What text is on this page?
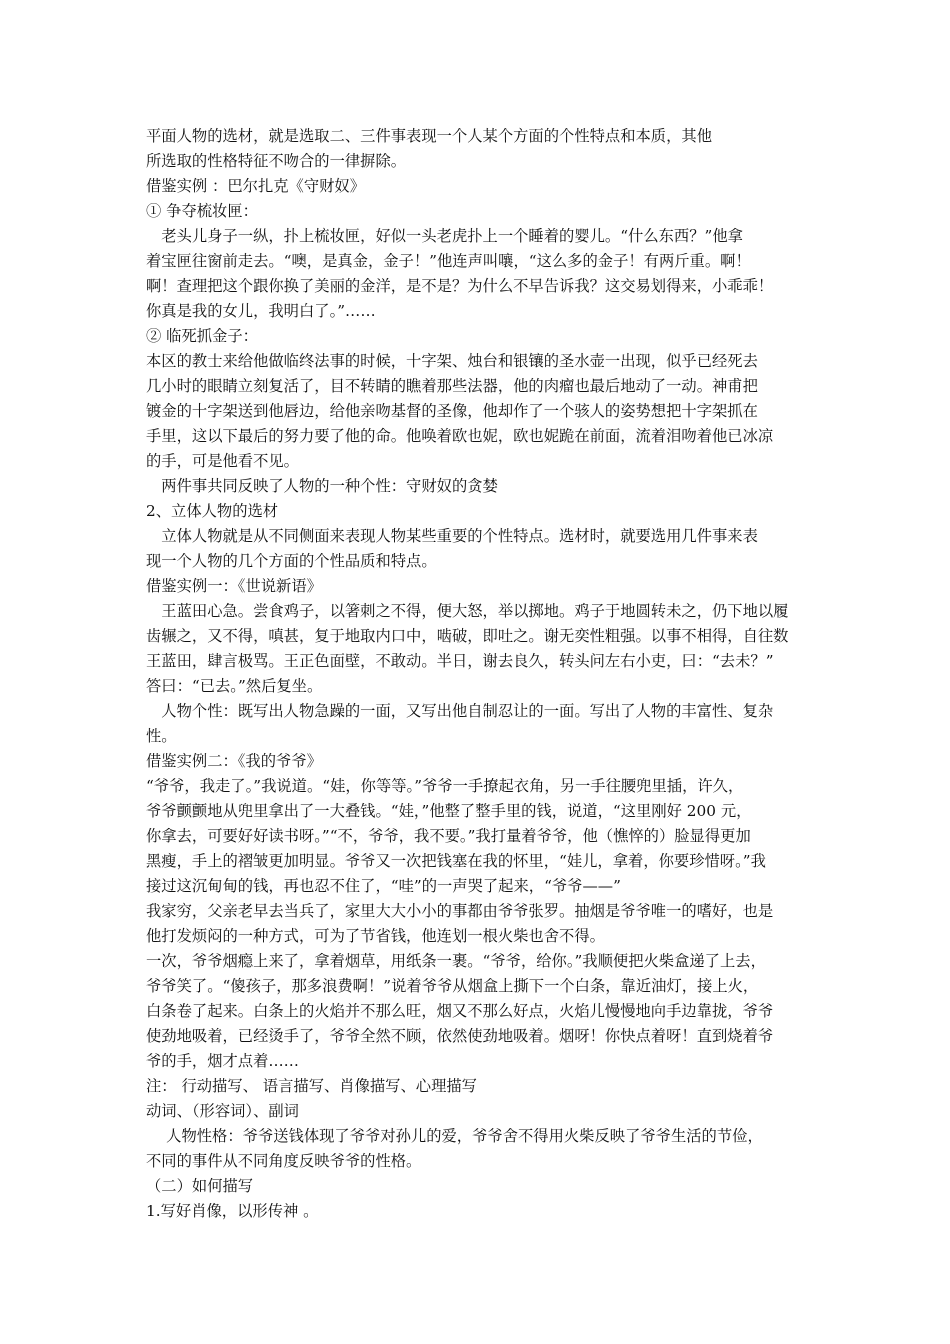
平面人物的选材，就是选取二、三件事表现一个人某个方面的个性特点和本质，其他
所选取的性格特征不吻合的一律摒除。
借鉴实例 ：巴尔扎克《守财奴》
① 争夺梳妆匣：
　老头儿身子一纵，扑上梳妆匣，好似一头老虎扑上一个睡着的婴儿。“什么东西？”他拿
着宝匣往窗前走去。“噢，是真金，金子！”他连声叫嚷，“这么多的金子！有两斤重。啊！
啊！查理把这个跟你换了美丽的金洋，是不是？为什么不早告诉我？这交易划得来，小乖乖！
你真是我的女儿，我明白了。”……
② 临死抓金子：
本区的教士来给他做临终法事的时候，十字架、烛台和银镶的圣水壶一出现，似乎已经死去
几小时的眼睛立刻复活了，目不转睛的瞧着那些法器，他的肉瘤也最后地动了一动。神甫把
镀金的十字架送到他唇边，给他亲吻基督的圣像，他却作了一个骇人的姿势想把十字架抓在
手里，这以下最后的努力要了他的命。他唤着欧也妮，欧也妮跪在前面，流着泪吻着他已冰凉
的手，可是他看不见。
　两件事共同反映了人物的一种个性：守财奴的贪婪
2、立体人物的选材
　立体人物就是从不同侧面来表现人物某些重要的个性特点。选材时，就要选用几件事来表
现一个人物的几个方面的个性品质和特点。
借鉴实例一：《世说新语》
　王蓝田心急。尝食鸡子，以箸刺之不得，便大怒，举以掷地。鸡子于地圆转未之，仍下地以履
齿辗之，又不得，嗔甚，复于地取内口中，啮破，即吐之。谢无奕性粗强。以事不相得，自往数
王蓝田，肆言极骂。王正色面壁，不敢动。半日，谢去良久，转头问左右小吏，曰：“去未？”
答曰：“已去。”然后复坐。
　人物个性：既写出人物急躁的一面，又写出他自制忍让的一面。写出了人物的丰富性、复杂
性。
借鉴实例二：《我的爷爷》
“爷爷，我走了。”我说道。“娃，你等等。”爷爷一手撩起衣角，另一手往腰兜里插，许久，
爷爷颤颤地从兜里拿出了一大叠钱。“娃，”他整了整手里的钱，说道，“这里刚好 200 元，
你拿去，可要好好读书呀。”“不，爷爷，我不要。”我打量着爷爷，他（憔悴的）脸显得更加
黑瘦，手上的褶皱更加明显。爷爷又一次把钱塞在我的怀里，“娃儿，拿着，你要珍惜呀。”我
接过这沉甸甸的钱，再也忍不住了，“哇”的一声哭了起来，“爷爷——”
我家穷，父亲老早去当兵了，家里大大小小的事都由爷爷张罗。抽烟是爷爷唯一的嗜好，也是
他打发烦闷的一种方式，可为了节省钱，他连划一根火柴也舍不得。
一次，爷爷烟瘾上来了，拿着烟草，用纸条一裹。“爷爷，给你。”我顺便把火柴盒递了上去，
爷爷笑了。“傻孩子，那多浪费啊！”说着爷爷从烟盒上撕下一个白条，靠近油灯，接上火，
白条卷了起来。白条上的火焰并不那么旺，烟又不那么好点，火焰儿慢慢地向手边靠拢，爷爷
使劲地吸着，已经烫手了，爷爷全然不顾，依然使劲地吸着。烟呀！你快点着呀！直到烧着爷
爷的手，烟才点着……
注： 行动描写、 语言描写、肖像描写、心理描写
动词、（形容词）、副词
　 人物性格：爷爷送钱体现了爷爷对孙儿的爱，爷爷舍不得用火柴反映了爷爷生活的节俭，
不同的事件从不同角度反映爷爷的性格。
（二）如何描写
1.写好肖像，以形传神 。
